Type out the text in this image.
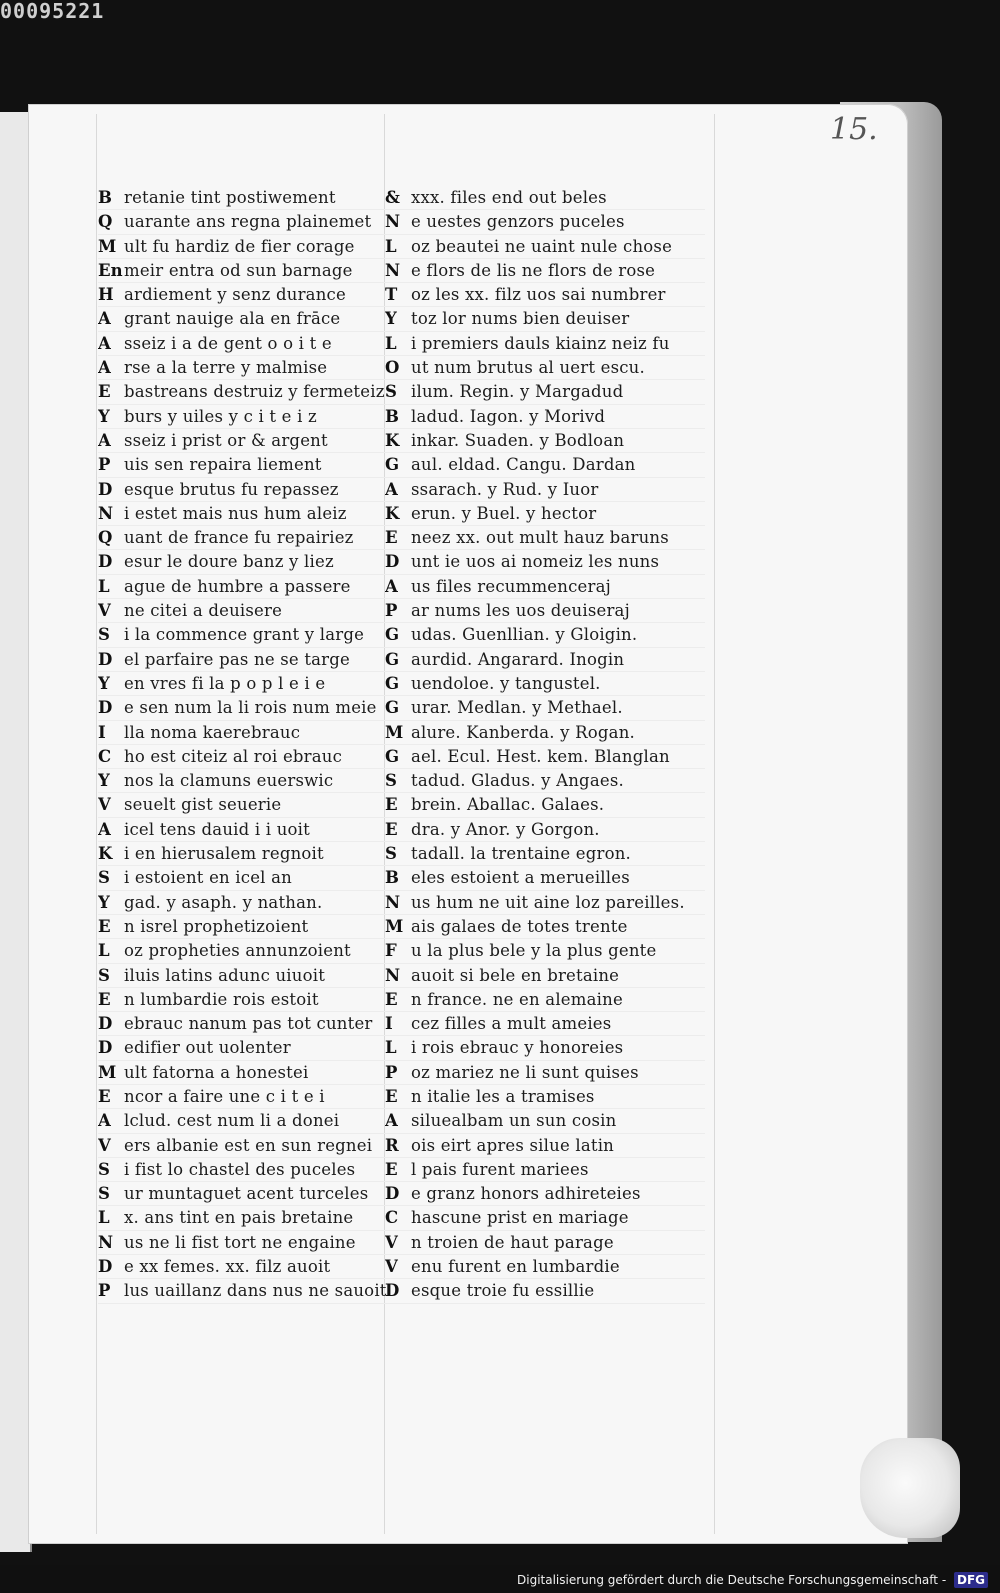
00095221
15.
B retanie tint postiwement
Q uarante ans regna plainemet
M ult fu hardiz de fier corage
Enmeir entra od sun barnage
H ardiement y senz durance
A grant nauige ala en frāce
A sseiz i a de gent o o i t e
A rse a la terre y malmise
E bastreans destruiz y fermeteiz
Y burs y uiles y c i t e i z
A sseiz i prist or & argent
P uis sen repaira liement
D esque brutus fu repassez
N i estet mais nus hum aleiz
Q uant de france fu repairiez
D esur le doure banz y liez
L ague de humbre a passere
V ne citei a deuisere
S i la commence grant y large
D el parfaire pas ne se targe
Y en vres fi la p o p l e i e
D e sen num la li rois num meie
I lla noma kaerebrauc
C ho est citeiz al roi ebrauc
Y nos la clamuns euerswic
V seuelt gist seuerie
A icel tens dauid i i uoit
K i en hierusalem regnoit
S i estoient en icel an
Y gad. y asaph. y nathan.
E n isrel prophetizoient
L oz propheties annunzoient
S iluis latins adunc uiuoit
E n lumbardie rois estoit
D ebrauc nanum pas tot cunter
D edifier out uolenter
M ult fatorna a honestei
E ncor a faire une c i t e i
A lclud. cest num li a donei
V ers albanie est en sun regnei
S i fist lo chastel des puceles
S ur muntaguet acent turceles
L x. ans tint en pais bretaine
N us ne li fist tort ne engaine
D e xx femes. xx. filz auoit
P lus uaillanz dans nus ne sauoit
& xxx. files end out beles
N e uestes genzors puceles
L oz beautei ne uaint nule chose
N e flors de lis ne flors de rose
T oz les xx. filz uos sai numbrer
Y toz lor nums bien deuiser
L i premiers dauls kiainz neiz fu
O ut num brutus al uert escu.
S ilum. Regin. y Margadud
B ladud. Iagon. y Morivd
K inkar. Suaden. y Bodloan
G aul. eldad. Cangu. Dardan
A ssarach. y Rud. y Iuor
K erun. y Buel. y hector
E neez xx. out mult hauz baruns
D unt ie uos ai nomeiz les nuns
A us files recummenceraj
P ar nums les uos deuiseraj
G udas. Guenllian. y Gloigin.
G aurdid. Angarard. Inogin
G uendoloe. y tangustel.
G urar. Medlan. y Methael.
M alure. Kanberda. y Rogan.
G ael. Ecul. Hest. kem. Blanglan
S tadud. Gladus. y Angaes.
E brein. Aballac. Galaes.
E dra. y Anor. y Gorgon.
S tadall. la trentaine egron.
B eles estoient a merueilles
N us hum ne uit aine loz pareilles.
M ais galaes de totes trente
F u la plus bele y la plus gente
N auoit si bele en bretaine
E n france. ne en alemaine
I cez filles a mult ameies
L i rois ebrauc y honoreies
P oz mariez ne li sunt quises
E n italie les a tramises
A siluealbam un sun cosin
R ois eirt apres silue latin
E l pais furent mariees
D e granz honors adhireteies
C hascune prist en mariage
V n troien de haut parage
V enu furent en lumbardie
D esque troie fu essillie
Digitalisierung gefördert durch die Deutsche Forschungsgemeinschaft - DFG
